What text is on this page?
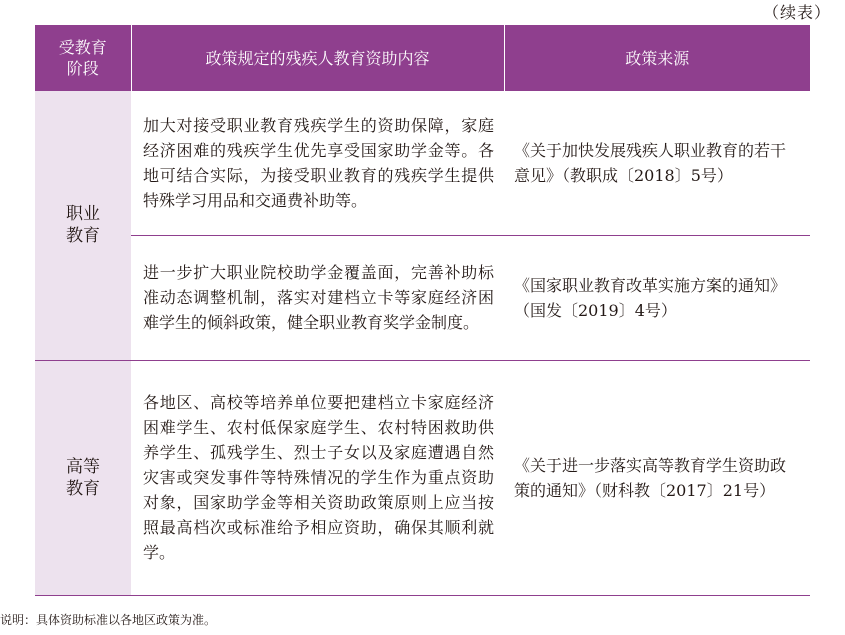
（续表）
受教育
阶段	政策规定的残疾人教育资助内容	政策来源
职业
教育	加大对接受职业教育残疾学生的资助保障，家庭经济困难的残疾学生优先享受国家助学金等。各地可结合实际，为接受职业教育的残疾学生提供特殊学习用品和交通费补助等。	《关于加快发展残疾人职业教育的若干意见》（教职成〔2018〕5号）
	进一步扩大职业院校助学金覆盖面，完善补助标准动态调整机制，落实对建档立卡等家庭经济困难学生的倾斜政策，健全职业教育奖学金制度。	《国家职业教育改革实施方案的通知》（国发〔2019〕4号）
高等
教育	各地区、高校等培养单位要把建档立卡家庭经济困难学生、农村低保家庭学生、农村特困救助供养学生、孤残学生、烈士子女以及家庭遭遇自然灾害或突发事件等特殊情况的学生作为重点资助对象，国家助学金等相关资助政策原则上应当按照最高档次或标准给予相应资助，确保其顺利就学。	《关于进一步落实高等教育学生资助政策的通知》（财科教〔2017〕21号）
说明：具体资助标准以各地区政策为准。
